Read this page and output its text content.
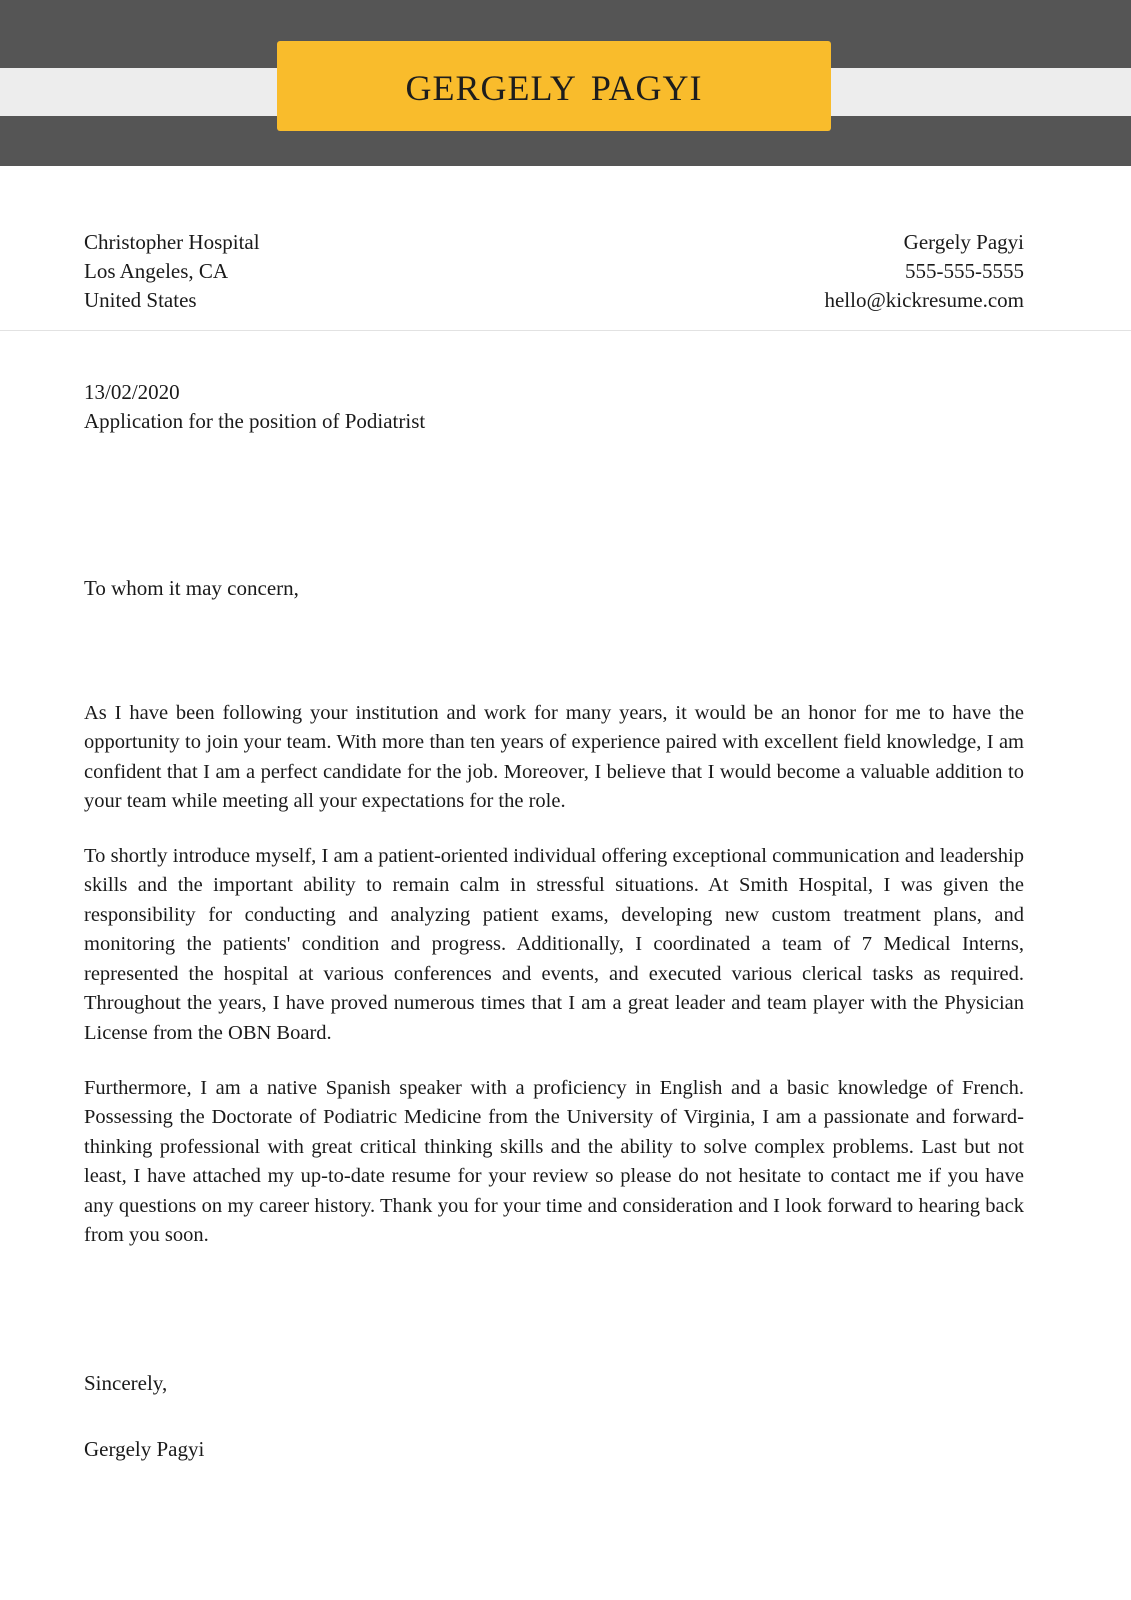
gergely pagyi
Christopher Hospital
Los Angeles, CA
United States
Gergely Pagyi
555-555-5555
hello@kickresume.com
13/02/2020
Application for the position of Podiatrist
To whom it may concern,

As I have been following your institution and work for many years, it would be an honor for me to have the opportunity to join your team. With more than ten years of experience paired with excellent field knowledge, I am confident that I am a perfect candidate for the job. Moreover, I believe that I would become a valuable addition to your team while meeting all your expectations for the role.

To shortly introduce myself, I am a patient-oriented individual offering exceptional communication and leadership skills and the important ability to remain calm in stressful situations. At Smith Hospital, I was given the responsibility for conducting and analyzing patient exams, developing new custom treatment plans, and monitoring the patients' condition and progress. Additionally, I coordinated a team of 7 Medical Interns, represented the hospital at various conferences and events, and executed various clerical tasks as required. Throughout the years, I have proved numerous times that I am a great leader and team player with the Physician License from the OBN Board.

Furthermore, I am a native Spanish speaker with a proficiency in English and a basic knowledge of French. Possessing the Doctorate of Podiatric Medicine from the University of Virginia, I am a passionate and forward-thinking professional with great critical thinking skills and the ability to solve complex problems. Last but not least, I have attached my up-to-date resume for your review so please do not hesitate to contact me if you have any questions on my career history. Thank you for your time and consideration and I look forward to hearing back from you soon.

Sincerely,
Gergely Pagyi
